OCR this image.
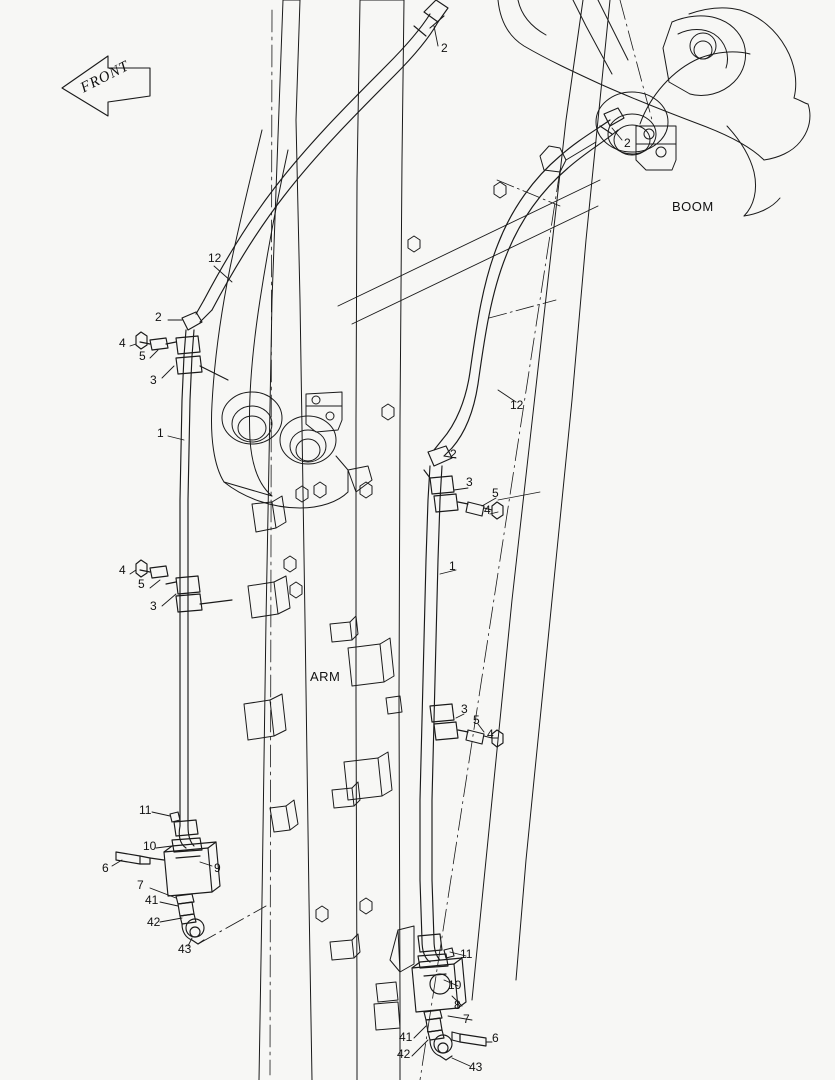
FRONT
BOOM
ARM
2
2
12
2
4
5
3
12
1
2
3
5
4
4
5
1
3
3
5
4
11
10
6	9
7
41
42
43	11
10
8
7
6
41
42
43
